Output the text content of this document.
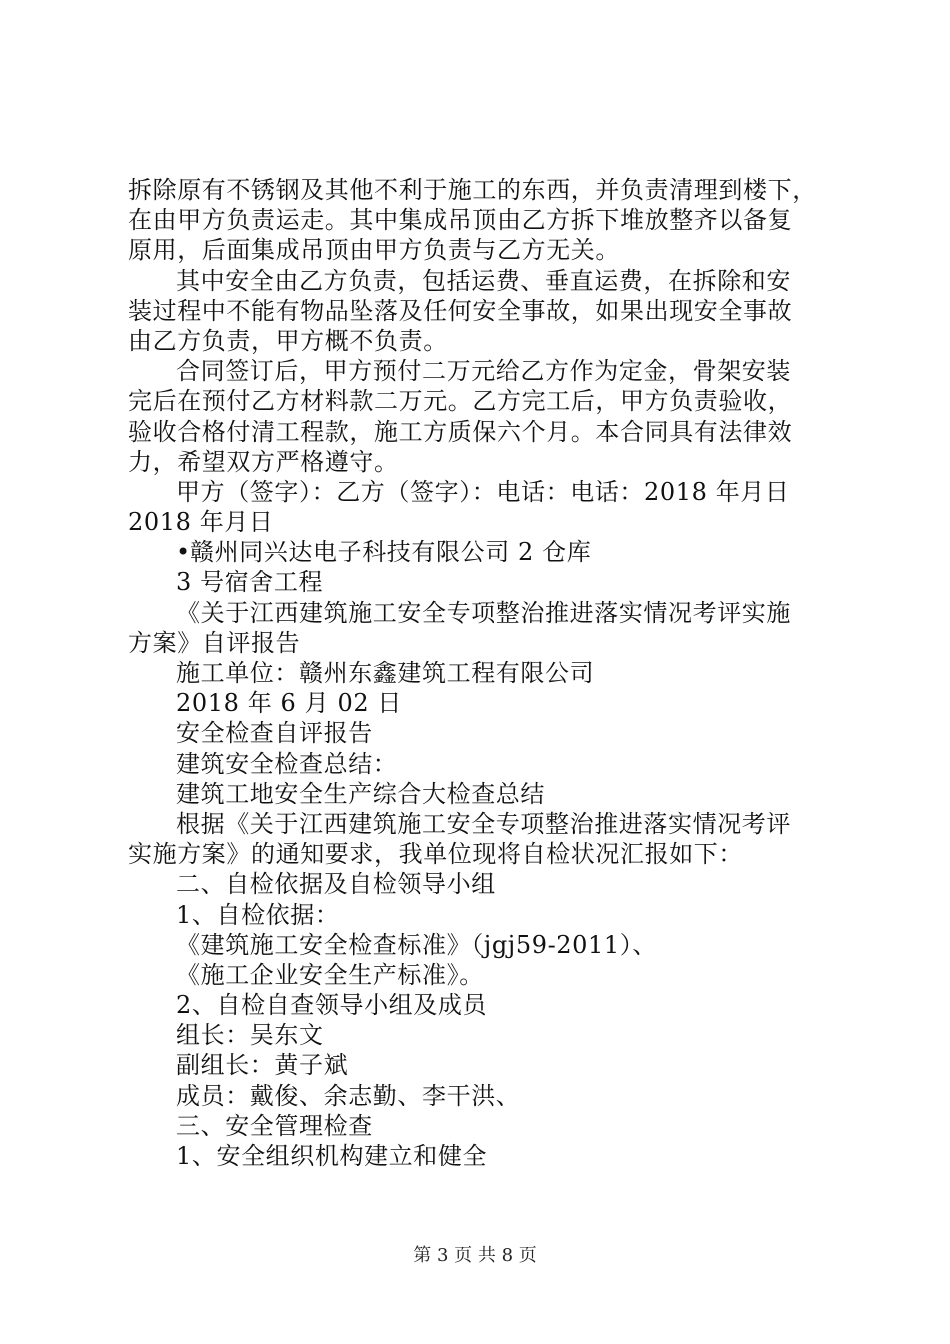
拆除原有不锈钢及其他不利于施工的东西，并负责清理到楼下，
在由甲方负责运走。其中集成吊顶由乙方拆下堆放整齐以备复
原用，后面集成吊顶由甲方负责与乙方无关。
其中安全由乙方负责，包括运费、垂直运费，在拆除和安
装过程中不能有物品坠落及任何安全事故，如果出现安全事故
由乙方负责，甲方概不负责。
合同签订后，甲方预付二万元给乙方作为定金，骨架安装
完后在预付乙方材料款二万元。乙方完工后，甲方负责验收，
验收合格付清工程款，施工方质保六个月。本合同具有法律效
力，希望双方严格遵守。
甲方（签字）：乙方（签字）：电话：电话：2018 年月日
2018 年月日
• 赣州同兴达电子科技有限公司 2 仓库
3 号宿舍工程
《关于江西建筑施工安全专项整治推进落实情况考评实施
方案》自评报告
施工单位：赣州东鑫建筑工程有限公司
2018 年 6 月 02 日
安全检查自评报告
建筑安全检查总结：
建筑工地安全生产综合大检查总结
根据《关于江西建筑施工安全专项整治推进落实情况考评
实施方案》的通知要求，我单位现将自检状况汇报如下：
二、自检依据及自检领导小组
1、自检依据：
《建筑施工安全检查标准》（jgj59-2011）、
《施工企业安全生产标准》。
2、自检自查领导小组及成员
组长：吴东文
副组长：黄子斌
成员：戴俊、余志勤、李干洪、
三、安全管理检查
1、安全组织机构建立和健全
第 3 页 共 8 页
